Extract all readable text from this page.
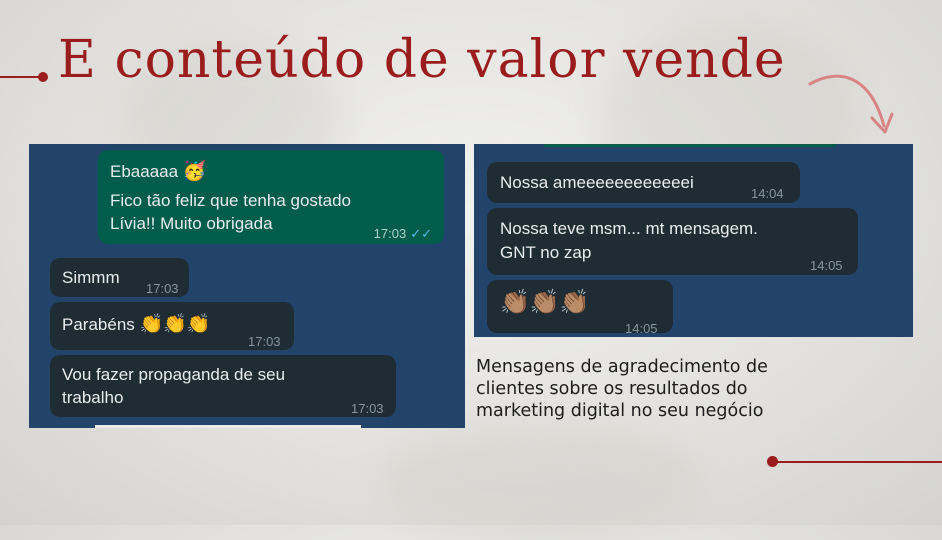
E conteúdo de valor vende
Ebaaaaa 🥳
Fico tão feliz que tenha gostado
Lívia!! Muito obrigada
17:03 ✓✓
Simmm
17:03
Parabéns 👏👏👏
17:03
Vou fazer propaganda de seu
trabalho
17:03
Nossa ameeeeeeeeeeeei
14:04
Nossa teve msm... mt mensagem.
GNT no zap
14:05
👏🏽👏🏽👏🏽
14:05
Mensagens de agradecimento de
clientes sobre os resultados do
marketing digital no seu negócio
